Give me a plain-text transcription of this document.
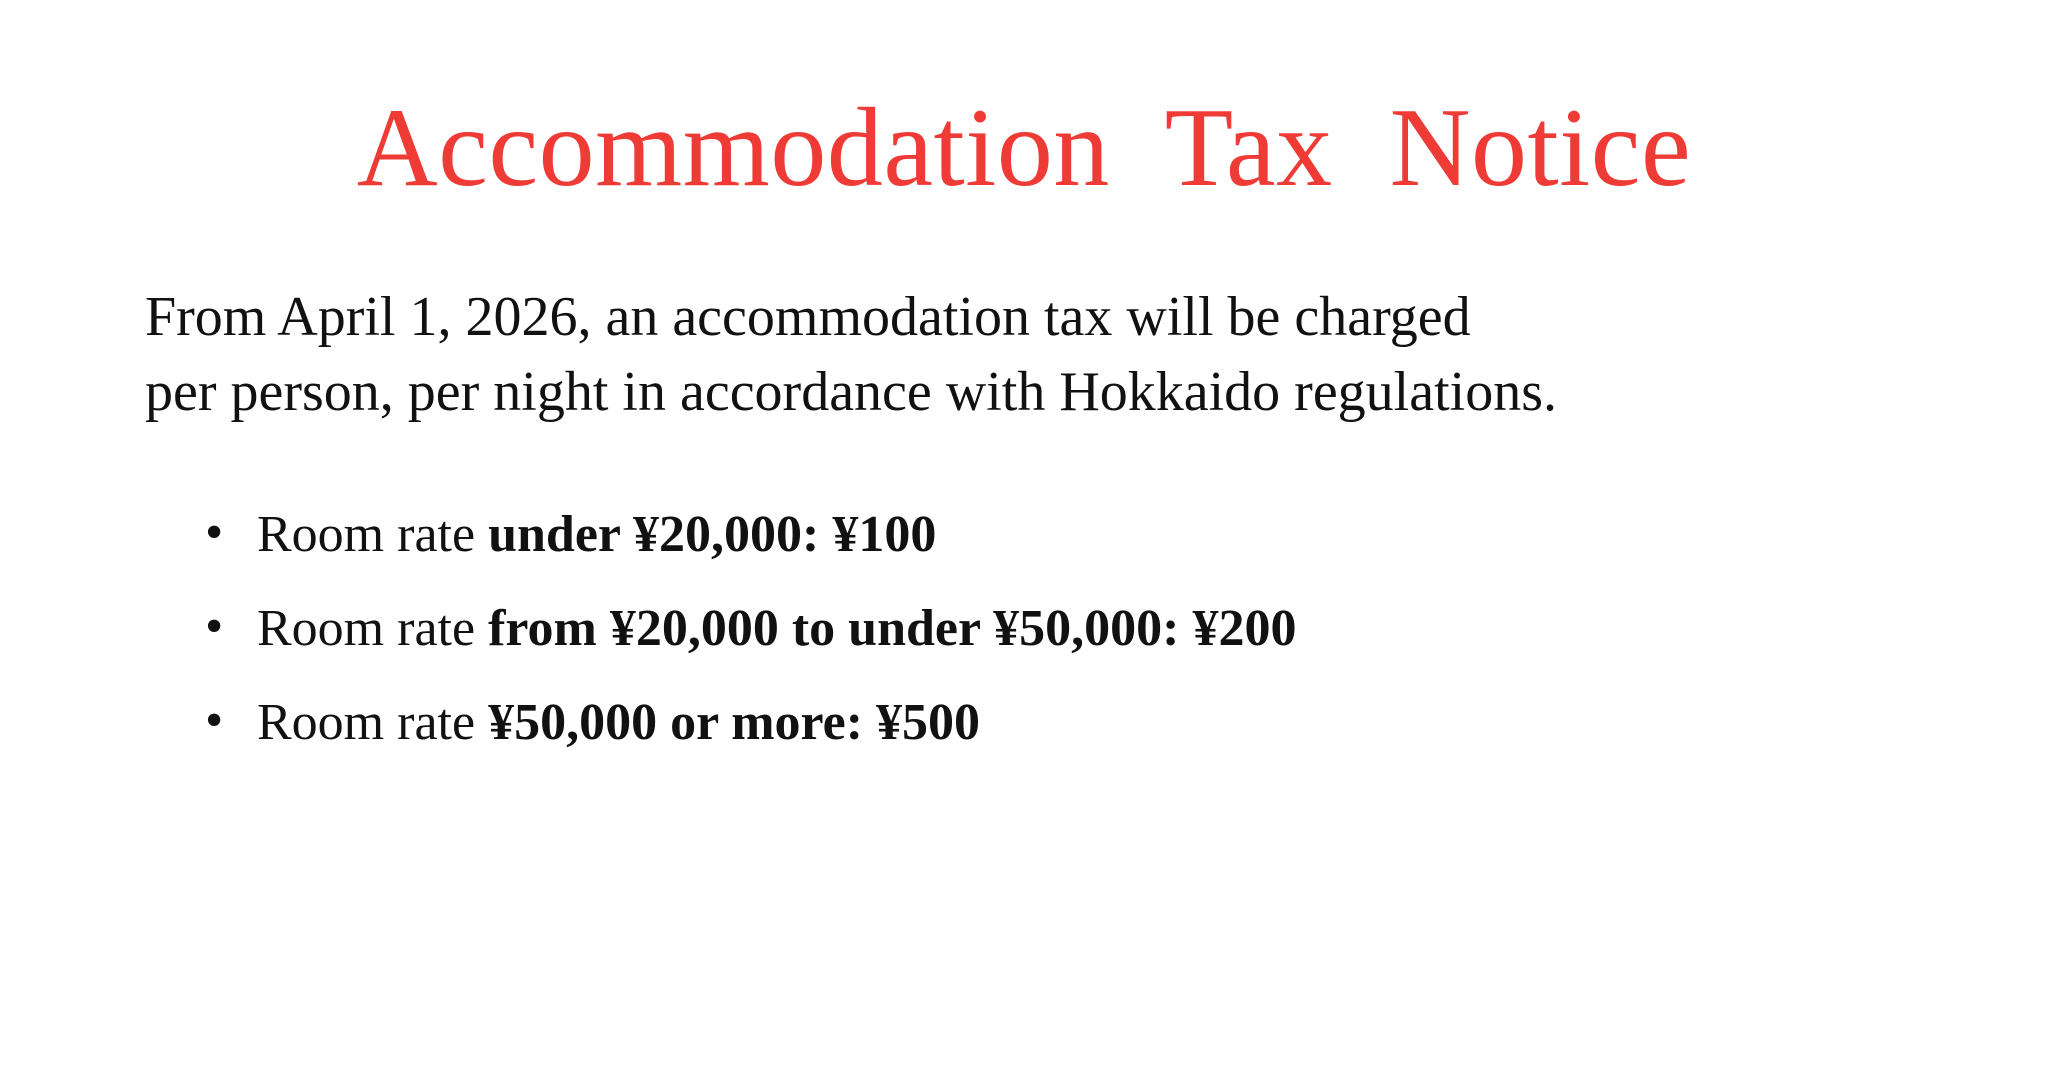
Accommodation  Tax  Notice

From April 1, 2026, an accommodation tax will be charged
per person, per night in accordance with Hokkaido regulations.

• Room rate under ¥20,000: ¥100
• Room rate from ¥20,000 to under ¥50,000: ¥200
• Room rate ¥50,000 or more: ¥500
